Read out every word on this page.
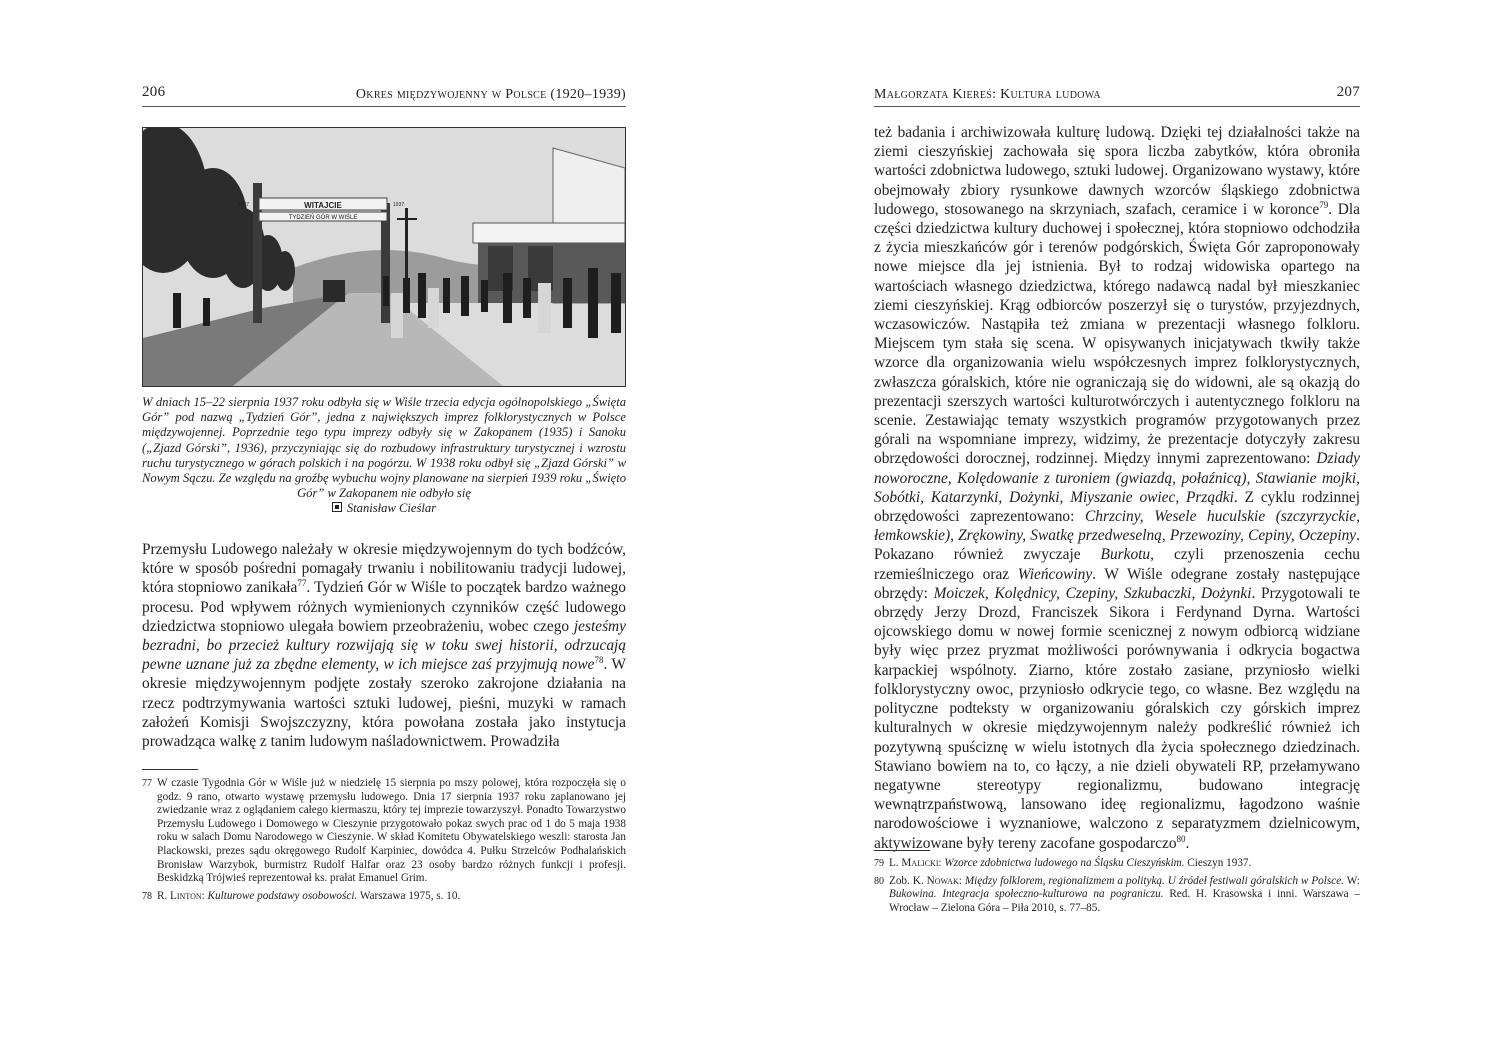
206	Okres międzywojenny w Polsce (1920–1939)
WITAJCIE
TYDZIEŃ GÓR W WIŚLE
1937	1937
W dniach 15–22 sierpnia 1937 roku odbyła się w Wiśle trzecia edycja ogólnopolskiego „Święta Gór” pod nazwą „Tydzień Gór”, jedna z największych imprez folklorystycznych w Polsce międzywojennej. Poprzednie tego typu imprezy odbyły się w Zakopanem (1935) i Sanoku („Zjazd Górski”, 1936), przyczyniając się do rozbudowy infrastruktury turystycznej i wzrostu ruchu turystycznego w górach polskich i na pogórzu. W 1938 roku odbył się „Zjazd Górski” w Nowym Sączu. Ze względu na groźbę wybuchu wojny planowane na sierpień 1939 roku „Święto Gór” w Zakopanem nie odbyło się
Stanisław Cieślar

Przemysłu Ludowego należały w okresie międzywojennym do tych bodźców, które w sposób pośredni pomagały trwaniu i nobilitowaniu tradycji ludowej, która stopniowo zanikała$^{77}$. Tydzień Gór w Wiśle to początek bardzo ważnego procesu. Pod wpływem różnych wymienionych czynników część ludowego dziedzictwa stopniowo ulegała bowiem przeobrażeniu, wobec czego jesteśmy bezradni, bo przecież kultury rozwijają się w toku swej historii, odrzucają pewne uznane już za zbędne elementy, w ich miejsce zaś przyjmują nowe$^{78}$. W okresie międzywojennym podjęte zostały szeroko zakrojone działania na rzecz podtrzymywania wartości sztuki ludowej, pieśni, muzyki w ramach założeń Komisji Swojszczyzny, która powołana została jako instytucja prowadząca walkę z tanim ludowym naśladownictwem. Prowadziła

77 W czasie Tygodnia Gór w Wiśle już w niedzielę 15 sierpnia po mszy polowej, która rozpoczęła się o godz. 9 rano, otwarto wystawę przemysłu ludowego. Dnia 17 sierpnia 1937 roku zaplanowano jej zwiedzanie wraz z oglądaniem całego kiermaszu, który tej imprezie towarzyszył. Ponadto Towarzystwo Przemysłu Ludowego i Domowego w Cieszynie przygotowało pokaz swych prac od 1 do 5 maja 1938 roku w salach Domu Narodowego w Cieszynie. W skład Komitetu Obywatelskiego weszli: starosta Jan Plackowski, prezes sądu okręgowego Rudolf Karpiniec, dowódca 4. Pułku Strzelców Podhalańskich Bronisław Warzybok, burmistrz Rudolf Halfar oraz 23 osoby bardzo różnych funkcji i profesji. Beskidzką Trójwieś reprezentował ks. prałat Emanuel Grim.
78 R. Linton: Kulturowe podstawy osobowości. Warszawa 1975, s. 10.
Małgorzata Kiereś: Kultura ludowa	207

też badania i archiwizowała kulturę ludową. Dzięki tej działalności także na ziemi cieszyńskiej zachowała się spora liczba zabytków, która obroniła wartości zdobnictwa ludowego, sztuki ludowej. Organizowano wystawy, które obejmowały zbiory rysunkowe dawnych wzorców śląskiego zdobnictwa ludowego, stosowanego na skrzyniach, szafach, ceramice i w koronce$^{79}$. Dla części dziedzictwa kultury duchowej i społecznej, która stopniowo odchodziła z życia mieszkańców gór i terenów podgórskich, Święta Gór zaproponowały nowe miejsce dla jej istnienia. Był to rodzaj widowiska opartego na wartościach własnego dziedzictwa, którego nadawcą nadal był mieszkaniec ziemi cieszyńskiej. Krąg odbiorców poszerzył się o turystów, przyjezdnych, wczasowiczów. Nastąpiła też zmiana w prezentacji własnego folkloru. Miejscem tym stała się scena. W opisywanych inicjatywach tkwiły także wzorce dla organizowania wielu współczesnych imprez folklorystycznych, zwłaszcza góralskich, które nie ograniczają się do widowni, ale są okazją do prezentacji szerszych wartości kulturotwórczych i autentycznego folkloru na scenie. Zestawiając tematy wszystkich programów przygotowanych przez górali na wspomniane imprezy, widzimy, że prezentacje dotyczyły zakresu obrzędowości dorocznej, rodzinnej. Między innymi zaprezentowano: Dziady noworoczne, Kolędowanie z turoniem (gwiazdą, połaźnicą), Stawianie mojki, Sobótki, Katarzynki, Dożynki, Miyszanie owiec, Prządki. Z cyklu rodzinnej obrzędowości zaprezentowano: Chrzciny, Wesele huculskie (szczyrzyckie, łemkowskie), Zrękowiny, Swatkę przedweselną, Przewoziny, Cepiny, Oczepiny. Pokazano również zwyczaje Burkotu, czyli przenoszenia cechu rzemieślniczego oraz Wieńcowiny. W Wiśle odegrane zostały następujące obrzędy: Moiczek, Kolędnicy, Czepiny, Szkubaczki, Dożynki. Przygotowali te obrzędy Jerzy Drozd, Franciszek Sikora i Ferdynand Dyrna. Wartości ojcowskiego domu w nowej formie scenicznej z nowym odbiorcą widziane były więc przez pryzmat możliwości porównywania i odkrycia bogactwa karpackiej wspólnoty. Ziarno, które zostało zasiane, przyniosło wielki folklorystyczny owoc, przyniosło odkrycie tego, co własne. Bez względu na polityczne podteksty w organizowaniu góralskich czy górskich imprez kulturalnych w okresie międzywojennym należy podkreślić również ich pozytywną spuściznę w wielu istotnych dla życia społecznego dziedzinach. Stawiano bowiem na to, co łączy, a nie dzieli obywateli RP, przełamywano negatywne stereotypy regionalizmu, budowano integrację wewnątrzpaństwową, lansowano ideę regionalizmu, łagodzono waśnie narodowościowe i wyznaniowe, walczono z separatyzmem dzielnicowym, aktywizowane były tereny zacofane gospodarczo$^{80}$.

79 L. Malicki: Wzorce zdobnictwa ludowego na Śląsku Cieszyńskim. Cieszyn 1937.
80 Zob. K. Nowak: Między folklorem, regionalizmem a polityką. U źródeł festiwali góralskich w Polsce. W: Bukowina. Integracja społeczno-kulturowa na pograniczu. Red. H. Krasowska i inni. Warszawa – Wrocław – Zielona Góra – Piła 2010, s. 77–85.
